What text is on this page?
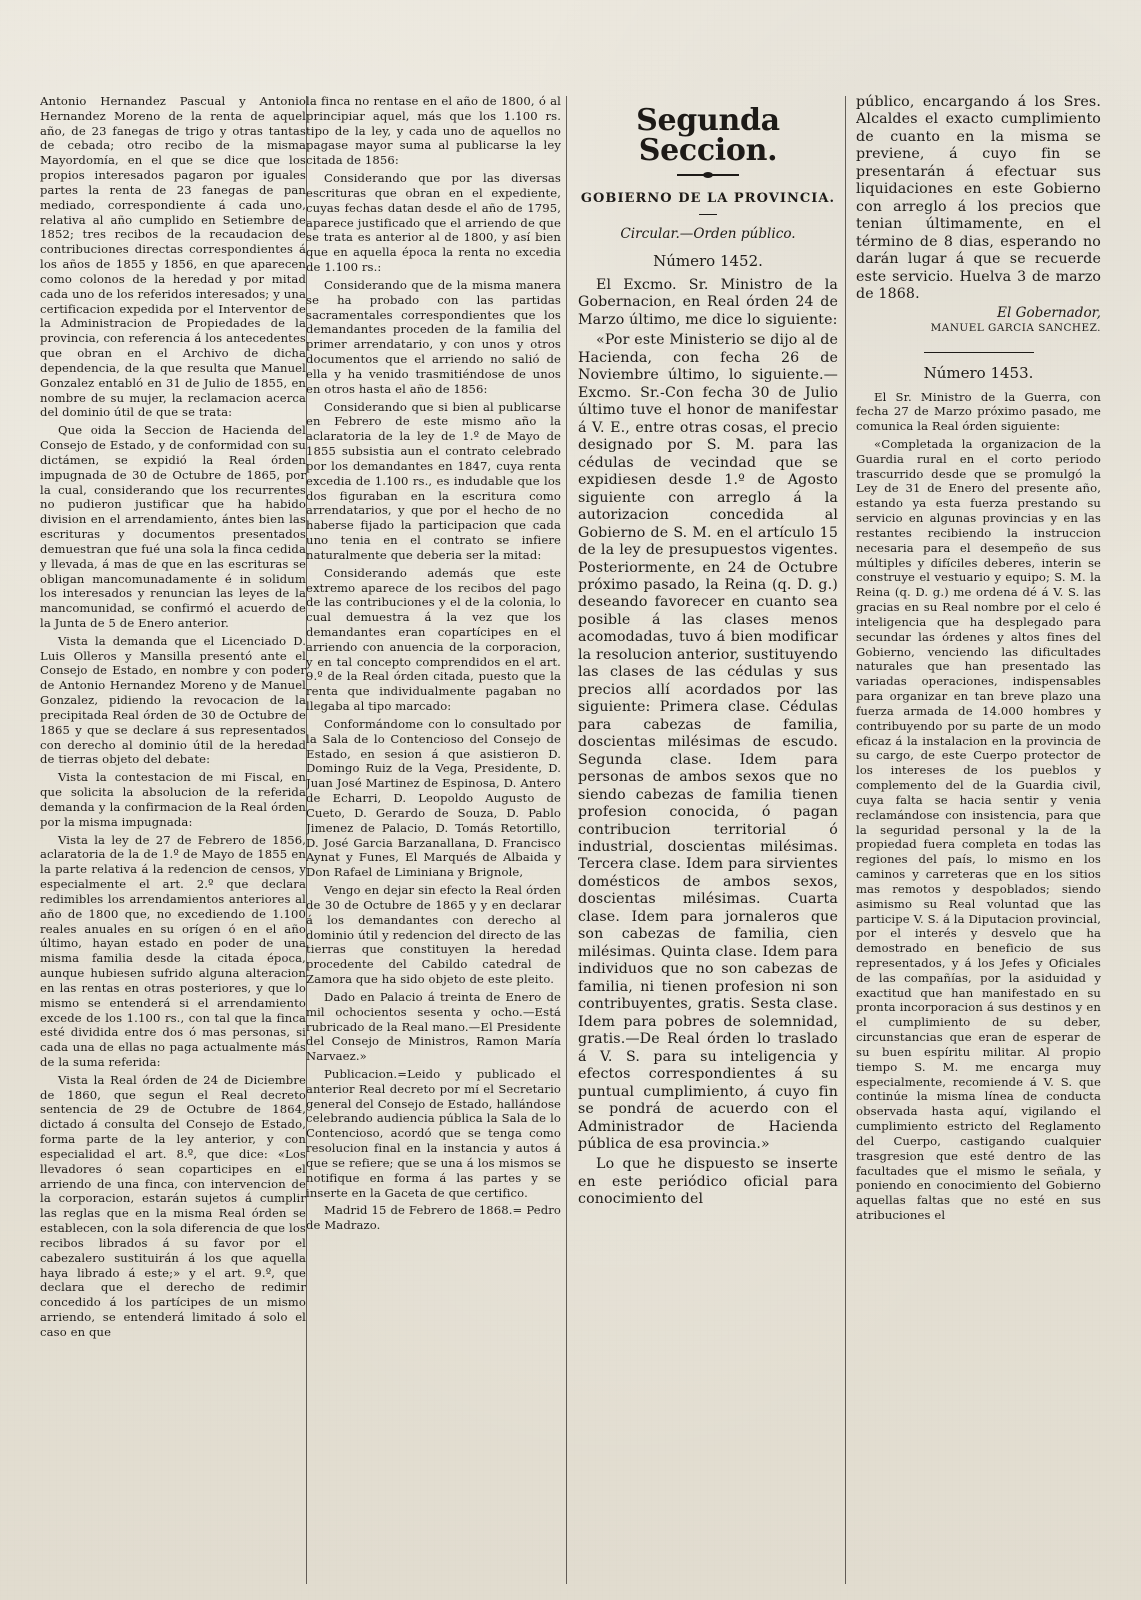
Antonio Hernandez Pascual y Antonio Hernandez Moreno de la renta de aquel año, de 23 fanegas de trigo y otras tantas de cebada; otro recibo de la misma Mayordomía, en el que se dice que los propios interesados pagaron por iguales partes la renta de 23 fanegas de pan mediado, correspondiente á cada uno, relativa al año cumplido en Setiembre de 1852; tres recibos de la recaudacion de contribuciones directas correspondientes á los años de 1855 y 1856, en que aparecen como colonos de la heredad y por mitad cada uno de los referidos interesados; y una certificacion expedida por el Interventor de la Administracion de Propiedades de la provincia, con referencia á los antecedentes que obran en el Archivo de dicha dependencia, de la que resulta que Manuel Gonzalez entabló en 31 de Julio de 1855, en nombre de su mujer, la reclamacion acerca del dominio útil de que se trata:

Que oida la Seccion de Hacienda del Consejo de Estado, y de conformidad con su dictámen, se expidió la Real órden impugnada de 30 de Octubre de 1865, por la cual, considerando que los recurrentes no pudieron justificar que ha habido division en el arrendamiento, ántes bien las escrituras y documentos presentados demuestran que fué una sola la finca cedida y llevada, á mas de que en las escrituras se obligan mancomunadamente é in solidum los interesados y renuncian las leyes de la mancomunidad, se confirmó el acuerdo de la Junta de 5 de Enero anterior.

Vista la demanda que el Licenciado D. Luis Olleros y Mansilla presentó ante el Consejo de Estado, en nombre y con poder de Antonio Hernandez Moreno y de Manuel Gonzalez, pidiendo la revocacion de la precipitada Real órden de 30 de Octubre de 1865 y que se declare á sus representados con derecho al dominio útil de la heredad de tierras objeto del debate:

Vista la contestacion de mi Fiscal, en que solicita la absolucion de la referida demanda y la confirmacion de la Real órden por la misma impugnada:

Vista la ley de 27 de Febrero de 1856, aclaratoria de la de 1.º de Mayo de 1855 en la parte relativa á la redencion de censos, y especialmente el art. 2.º que declara redimibles los arrendamientos anteriores al año de 1800 que, no excediendo de 1.100 reales anuales en su orígen ó en el año último, hayan estado en poder de una misma familia desde la citada época, aunque hubiesen sufrido alguna alteracion en las rentas en otras posteriores, y que lo mismo se entenderá si el arrendamiento excede de los 1.100 rs., con tal que la finca esté dividida entre dos ó mas personas, si cada una de ellas no paga actualmente más de la suma referida:

Vista la Real órden de 24 de Diciembre de 1860, que segun el Real decreto sentencia de 29 de Octubre de 1864, dictado á consulta del Consejo de Estado, forma parte de la ley anterior, y con especialidad el art. 8.º, que dice: «Los llevadores ó sean coparticipes en el arriendo de una finca, con intervencion de la corporacion, estarán sujetos á cumplir las reglas que en la misma Real órden se establecen, con la sola diferencia de que los recibos librados á su favor por el cabezalero sustituirán á los que aquella haya librado á este;» y el art. 9.º, que declara que el derecho de redimir concedido á los partícipes de un mismo arriendo, se entenderá limitado á solo el caso en que

la finca no rentase en el año de 1800, ó al principiar aquel, más que los 1.100 rs. tipo de la ley, y cada uno de aquellos no pagase mayor suma al publicarse la ley citada de 1856:

Considerando que por las diversas escrituras que obran en el expediente, cuyas fechas datan desde el año de 1795, aparece justificado que el arriendo de que se trata es anterior al de 1800, y así bien que en aquella época la renta no excedia de 1.100 rs.:

Considerando que de la misma manera se ha probado con las partidas sacramentales correspondientes que los demandantes proceden de la familia del primer arrendatario, y con unos y otros documentos que el arriendo no salió de ella y ha venido trasmitiéndose de unos en otros hasta el año de 1856:

Considerando que si bien al publicarse en Febrero de este mismo año la aclaratoria de la ley de 1.º de Mayo de 1855 subsistia aun el contrato celebrado por los demandantes en 1847, cuya renta excedia de 1.100 rs., es indudable que los dos figuraban en la escritura como arrendatarios, y que por el hecho de no haberse fijado la participacion que cada uno tenia en el contrato se infiere naturalmente que deberia ser la mitad:

Considerando además que este extremo aparece de los recibos del pago de las contribuciones y el de la colonia, lo cual demuestra á la vez que los demandantes eran copartícipes en el arriendo con anuencia de la corporacion, y en tal concepto comprendidos en el art. 9.º de la Real órden citada, puesto que la renta que individualmente pagaban no llegaba al tipo marcado:

Conformándome con lo consultado por la Sala de lo Contencioso del Consejo de Estado, en sesion á que asistieron D. Domingo Ruiz de la Vega, Presidente, D. Juan José Martinez de Espinosa, D. Antero de Echarri, D. Leopoldo Augusto de Cueto, D. Gerardo de Souza, D. Pablo Jimenez de Palacio, D. Tomás Retortillo, D. José Garcia Barzanallana, D. Francisco Aynat y Funes, El Marqués de Albaida y Don Rafael de Liminiana y Brignole,

Vengo en dejar sin efecto la Real órden de 30 de Octubre de 1865 y y en declarar á los demandantes con derecho al dominio útil y redencion del directo de las tierras que constituyen la heredad procedente del Cabildo catedral de Zamora que ha sido objeto de este pleito.

Dado en Palacio á treinta de Enero de mil ochocientos sesenta y ocho.—Está rubricado de la Real mano.—El Presidente del Consejo de Ministros, Ramon María Narvaez.»

Publicacion.=Leido y publicado el anterior Real decreto por mí el Secretario general del Consejo de Estado, hallándose celebrando audiencia pública la Sala de lo Contencioso, acordó que se tenga como resolucion final en la instancia y autos á que se refiere; que se una á los mismos se notifique en forma á las partes y se inserte en la Gaceta de que certifico.

Madrid 15 de Febrero de 1868.= Pedro de Madrazo.

Segunda Seccion.
GOBIERNO DE LA PROVINCIA.
Circular.—Orden público.
Número 1452.

El Excmo. Sr. Ministro de la Gobernacion, en Real órden 24 de Marzo último, me dice lo siguiente:

«Por este Ministerio se dijo al de Hacienda, con fecha 26 de Noviembre último, lo siguiente.—Excmo. Sr.-Con fecha 30 de Julio último tuve el honor de manifestar á V. E., entre otras cosas, el precio designado por S. M. para las cédulas de vecindad que se expidiesen desde 1.º de Agosto siguiente con arreglo á la autorizacion concedida al Gobierno de S. M. en el artículo 15 de la ley de presupuestos vigentes. Posteriormente, en 24 de Octubre próximo pasado, la Reina (q. D. g.) deseando favorecer en cuanto sea posible á las clases menos acomodadas, tuvo á bien modificar la resolucion anterior, sustituyendo las clases de las cédulas y sus precios allí acordados por las siguiente: Primera clase. Cédulas para cabezas de familia, doscientas milésimas de escudo. Segunda clase. Idem para personas de ambos sexos que no siendo cabezas de familia tienen profesion conocida, ó pagan contribucion territorial ó industrial, doscientas milésimas. Tercera clase. Idem para sirvientes domésticos de ambos sexos, doscientas milésimas. Cuarta clase. Idem para jornaleros que son cabezas de familia, cien milésimas. Quinta clase. Idem para individuos que no son cabezas de familia, ni tienen profesion ni son contribuyentes, gratis. Sesta clase. Idem para pobres de solemnidad, gratis.—De Real órden lo traslado á V. S. para su inteligencia y efectos correspondientes á su puntual cumplimiento, á cuyo fin se pondrá de acuerdo con el Administrador de Hacienda pública de esa provincia.»

Lo que he dispuesto se inserte en este periódico oficial para conocimiento del

público, encargando á los Sres. Alcaldes el exacto cumplimiento de cuanto en la misma se previene, á cuyo fin se presentarán á efectuar sus liquidaciones en este Gobierno con arreglo á los precios que tenian últimamente, en el término de 8 dias, esperando no darán lugar á que se recuerde este servicio. Huelva 3 de marzo de 1868.

El Gobernador,
MANUEL GARCIA SANCHEZ.
Número 1453.

El Sr. Ministro de la Guerra, con fecha 27 de Marzo próximo pasado, me comunica la Real órden siguiente:

«Completada la organizacion de la Guardia rural en el corto periodo trascurrido desde que se promulgó la Ley de 31 de Enero del presente año, estando ya esta fuerza prestando su servicio en algunas provincias y en las restantes recibiendo la instruccion necesaria para el desempeño de sus múltiples y difíciles deberes, interin se construye el vestuario y equipo; S. M. la Reina (q. D. g.) me ordena dé á V. S. las gracias en su Real nombre por el celo é inteligencia que ha desplegado para secundar las órdenes y altos fines del Gobierno, venciendo las dificultades naturales que han presentado las variadas operaciones, indispensables para organizar en tan breve plazo una fuerza armada de 14.000 hombres y contribuyendo por su parte de un modo eficaz á la instalacion en la provincia de su cargo, de este Cuerpo protector de los intereses de los pueblos y complemento del de la Guardia civil, cuya falta se hacia sentir y venia reclamándose con insistencia, para que la seguridad personal y la de la propiedad fuera completa en todas las regiones del país, lo mismo en los caminos y carreteras que en los sitios mas remotos y despoblados; siendo asimismo su Real voluntad que las participe V. S. á la Diputacion provincial, por el interés y desvelo que ha demostrado en beneficio de sus representados, y á los Jefes y Oficiales de las compañías, por la asiduidad y exactitud que han manifestado en su pronta incorporacion á sus destinos y en el cumplimiento de su deber, circunstancias que eran de esperar de su buen espíritu militar. Al propio tiempo S. M. me encarga muy especialmente, recomiende á V. S. que continúe la misma línea de conducta observada hasta aquí, vigilando el cumplimiento estricto del Reglamento del Cuerpo, castigando cualquier trasgresion que esté dentro de las facultades que el mismo le señala, y poniendo en conocimiento del Gobierno aquellas faltas que no esté en sus atribuciones el
